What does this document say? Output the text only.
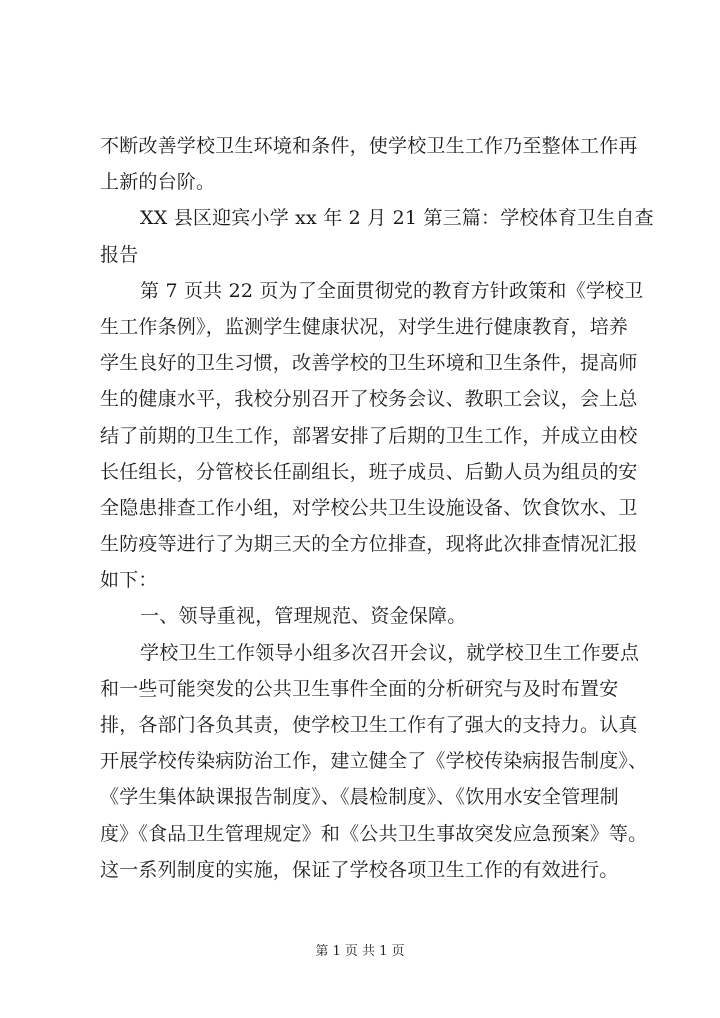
不断改善学校卫生环境和条件，使学校卫生工作乃至整体工作再
上新的台阶。
XX 县区迎宾小学 xx 年 2 月 21 第三篇：学校体育卫生自查
报告
第 7 页共 22 页为了全面贯彻党的教育方针政策和《学校卫
生工作条例》，监测学生健康状况，对学生进行健康教育，培养
学生良好的卫生习惯，改善学校的卫生环境和卫生条件，提高师
生的健康水平，我校分别召开了校务会议、教职工会议，会上总
结了前期的卫生工作，部署安排了后期的卫生工作，并成立由校
长任组长，分管校长任副组长，班子成员、后勤人员为组员的安
全隐患排查工作小组，对学校公共卫生设施设备、饮食饮水、卫
生防疫等进行了为期三天的全方位排查，现将此次排查情况汇报
如下：
一、领导重视，管理规范、资金保障。
学校卫生工作领导小组多次召开会议，就学校卫生工作要点
和一些可能突发的公共卫生事件全面的分析研究与及时布置安
排，各部门各负其责，使学校卫生工作有了强大的支持力。认真
开展学校传染病防治工作，建立健全了《学校传染病报告制度》、
《学生集体缺课报告制度》、《晨检制度》、《饮用水安全管理制
度》《食品卫生管理规定》和《公共卫生事故突发应急预案》等。
这一系列制度的实施，保证了学校各项卫生工作的有效进行。
第 1 页 共 1 页
